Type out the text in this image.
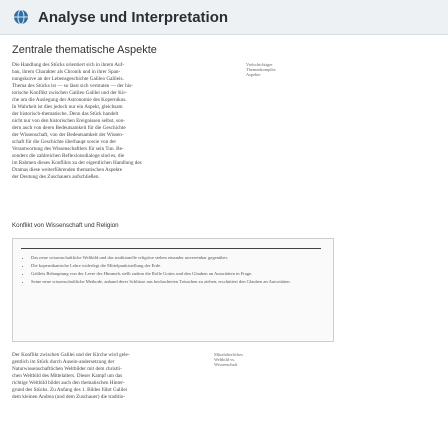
Analyse und Interpretation
Zentrale thematische Aspekte

Die Handlung des Stücks orientiert sich in ihrem Auf-

bau, ihrem Charakter als Chronik und in ihrer Span-

nungskurve an der Lebensgeschichte Galileo Galileis.

Thema des Stücks ist — so lässt sich vermuten — der his-

torische Konflikt zwischen Galileo Galilei und der Kir-

che um die Auslegung der Astronomie des Kopernikus.

In Wahrheit ist dies jedoch nur ein Aspekt, gleichsam

der historisch-thematische. Denn das Stück handelt

nicht nur von den historischen Ereignissen selbst, son-

dern auch von deren Bedeutsamkeit für die Geschichte

der Wissenschaft, von der Bedeutsamkeit der Wissen-

schaft für die Geschichte überhaupt sowie von der

Verantwortung des Wissenschaftlers für sein Tun. Be-

sonders die zahlreichen Reflexionsdialoge sind es, die

im Rahmen dieses Konflikts zu der eigentlichen Handlung des

Dramas diese weiterführenden thematischen Aspekte

der Deutung des Zuschauers aufschließen.

Vielschichtiger
Themenkomplex
Aspekte
Konflikt von Wissenschaft und Religion
• Das neue wissenschaftliche Weltbild und das traditionelle religiöse stehen einander unvereinbar gegenüber.
• Die kopernikanische Lehre widerlegt die Mittelpunktstellung der Erde.
• Galileis Behauptung von der Leere des Himmels stellt zudem die Rolle Gottes und den Glauben an Autoritäten in Frage.
• Seine neue wissenschaftliche Methode, anhand derer Schlüsse aus beobachteten Tatsachen zu ziehen, erschüttert den Glauben an Autoritäten.

Der Konflikt zwischen Galilei und der Kirche wird gele-

gentlich im Stück durch Ausein-andersetzung der

Naturwissenschaftlichen Weltbilder mit dem christli-

chen Weltbild des Mittelalters. Dieser Kampf um das

richtige Weltbild bildet auch den thematischen Hinter-

grund des Stücks. Zu Anfang des 1. Bildes führt Galilei

dem kleinen Andrea (und dem Zuschauer) die traditio-

Mittelalterliches
Weltbild vs.
Wissenschaft
